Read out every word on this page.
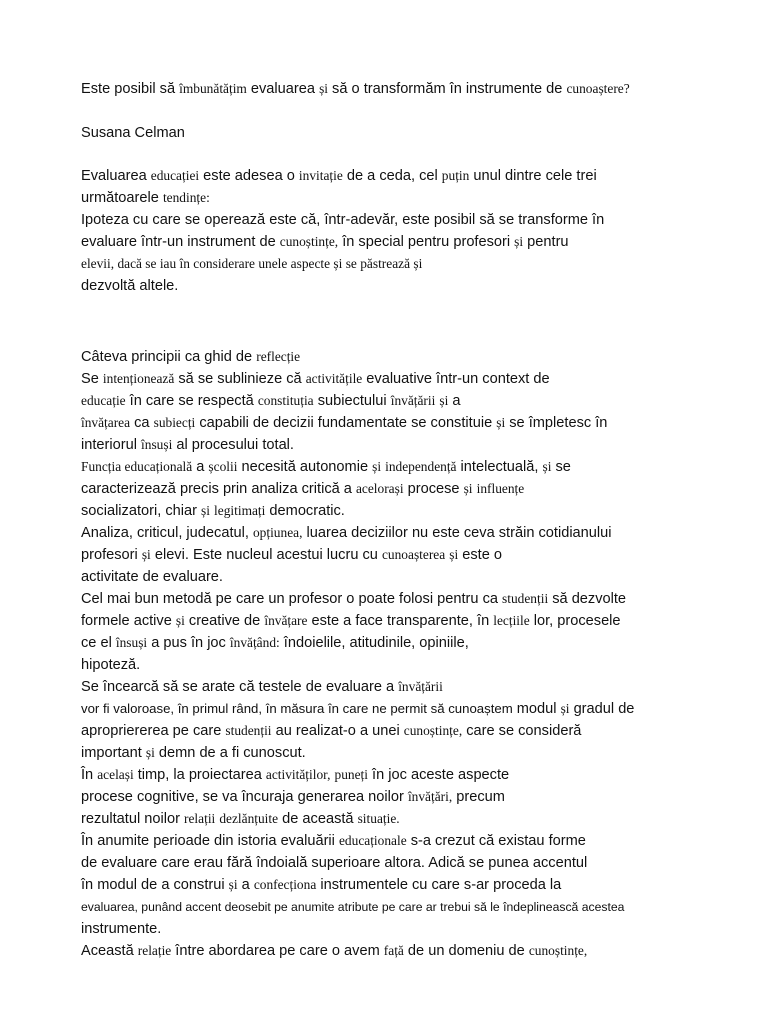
Este posibil să îmbunătățim evaluarea și să o transformăm în instrumente de cunoaștere?
Susana Celman
Evaluarea educației este adesea o invitație de a ceda, cel puțin unul dintre cele trei
următoarele tendințe:
Ipoteza cu care se operează este că, într-adevăr, este posibil să se transforme în
evaluare într-un instrument de cunoștințe, în special pentru profesori și pentru
elevii, dacă se iau în considerare unele aspecte și se păstrează și
dezvoltă altele.
Câteva principii ca ghid de reflecție
Se intenționează să se sublinieze că activitățile evaluative într-un context de
educație în care se respectă constituția subiectului învățării și a
învățarea ca subiecți capabili de decizii fundamentate se constituie și se împletesc în
interiorul însuși al procesului total.
Funcția educațională a școlii necesită autonomie și independență intelectuală, și se
caracterizează precis prin analiza critică a acelorași procese și influențe
socializatori, chiar și legitimați democratic.
Analiza, criticul, judecatul, opțiunea, luarea deciziilor nu este ceva străin cotidianului
profesori și elevi. Este nucleul acestui lucru cu cunoașterea și este o
activitate de evaluare.
Cel mai bun metodă pe care un profesor o poate folosi pentru ca studenții să dezvolte
formele active și creative de învățare este a face transparente, în lecțiile lor, procesele
ce el însuși a pus în joc învățând: îndoielile, atitudinile, opiniile,
hipoteză.
Se încearcă să se arate că testele de evaluare a învățării
vor fi valoroase, în primul rând, în măsura în care ne permit să cunoaștem modul și gradul de
apropriererea pe care studenții au realizat-o a unei cunoștințe, care se consideră
important și demn de a fi cunoscut.
În același timp, la proiectarea activităților, puneți în joc aceste aspecte
procese cognitive, se va încuraja generarea noilor învățări, precum
rezultatul noilor relații dezlănțuite de această situație.
În anumite perioade din istoria evaluării educaționale s-a crezut că existau forme
de evaluare care erau fără îndoială superioare altora. Adică se punea accentul
în modul de a construi și a confecționa instrumentele cu care s-ar proceda la
evaluarea, punând accent deosebit pe anumite atribute pe care ar trebui să le îndeplinească acestea
instrumente.
Această relație între abordarea pe care o avem față de un domeniu de cunoștințe,
